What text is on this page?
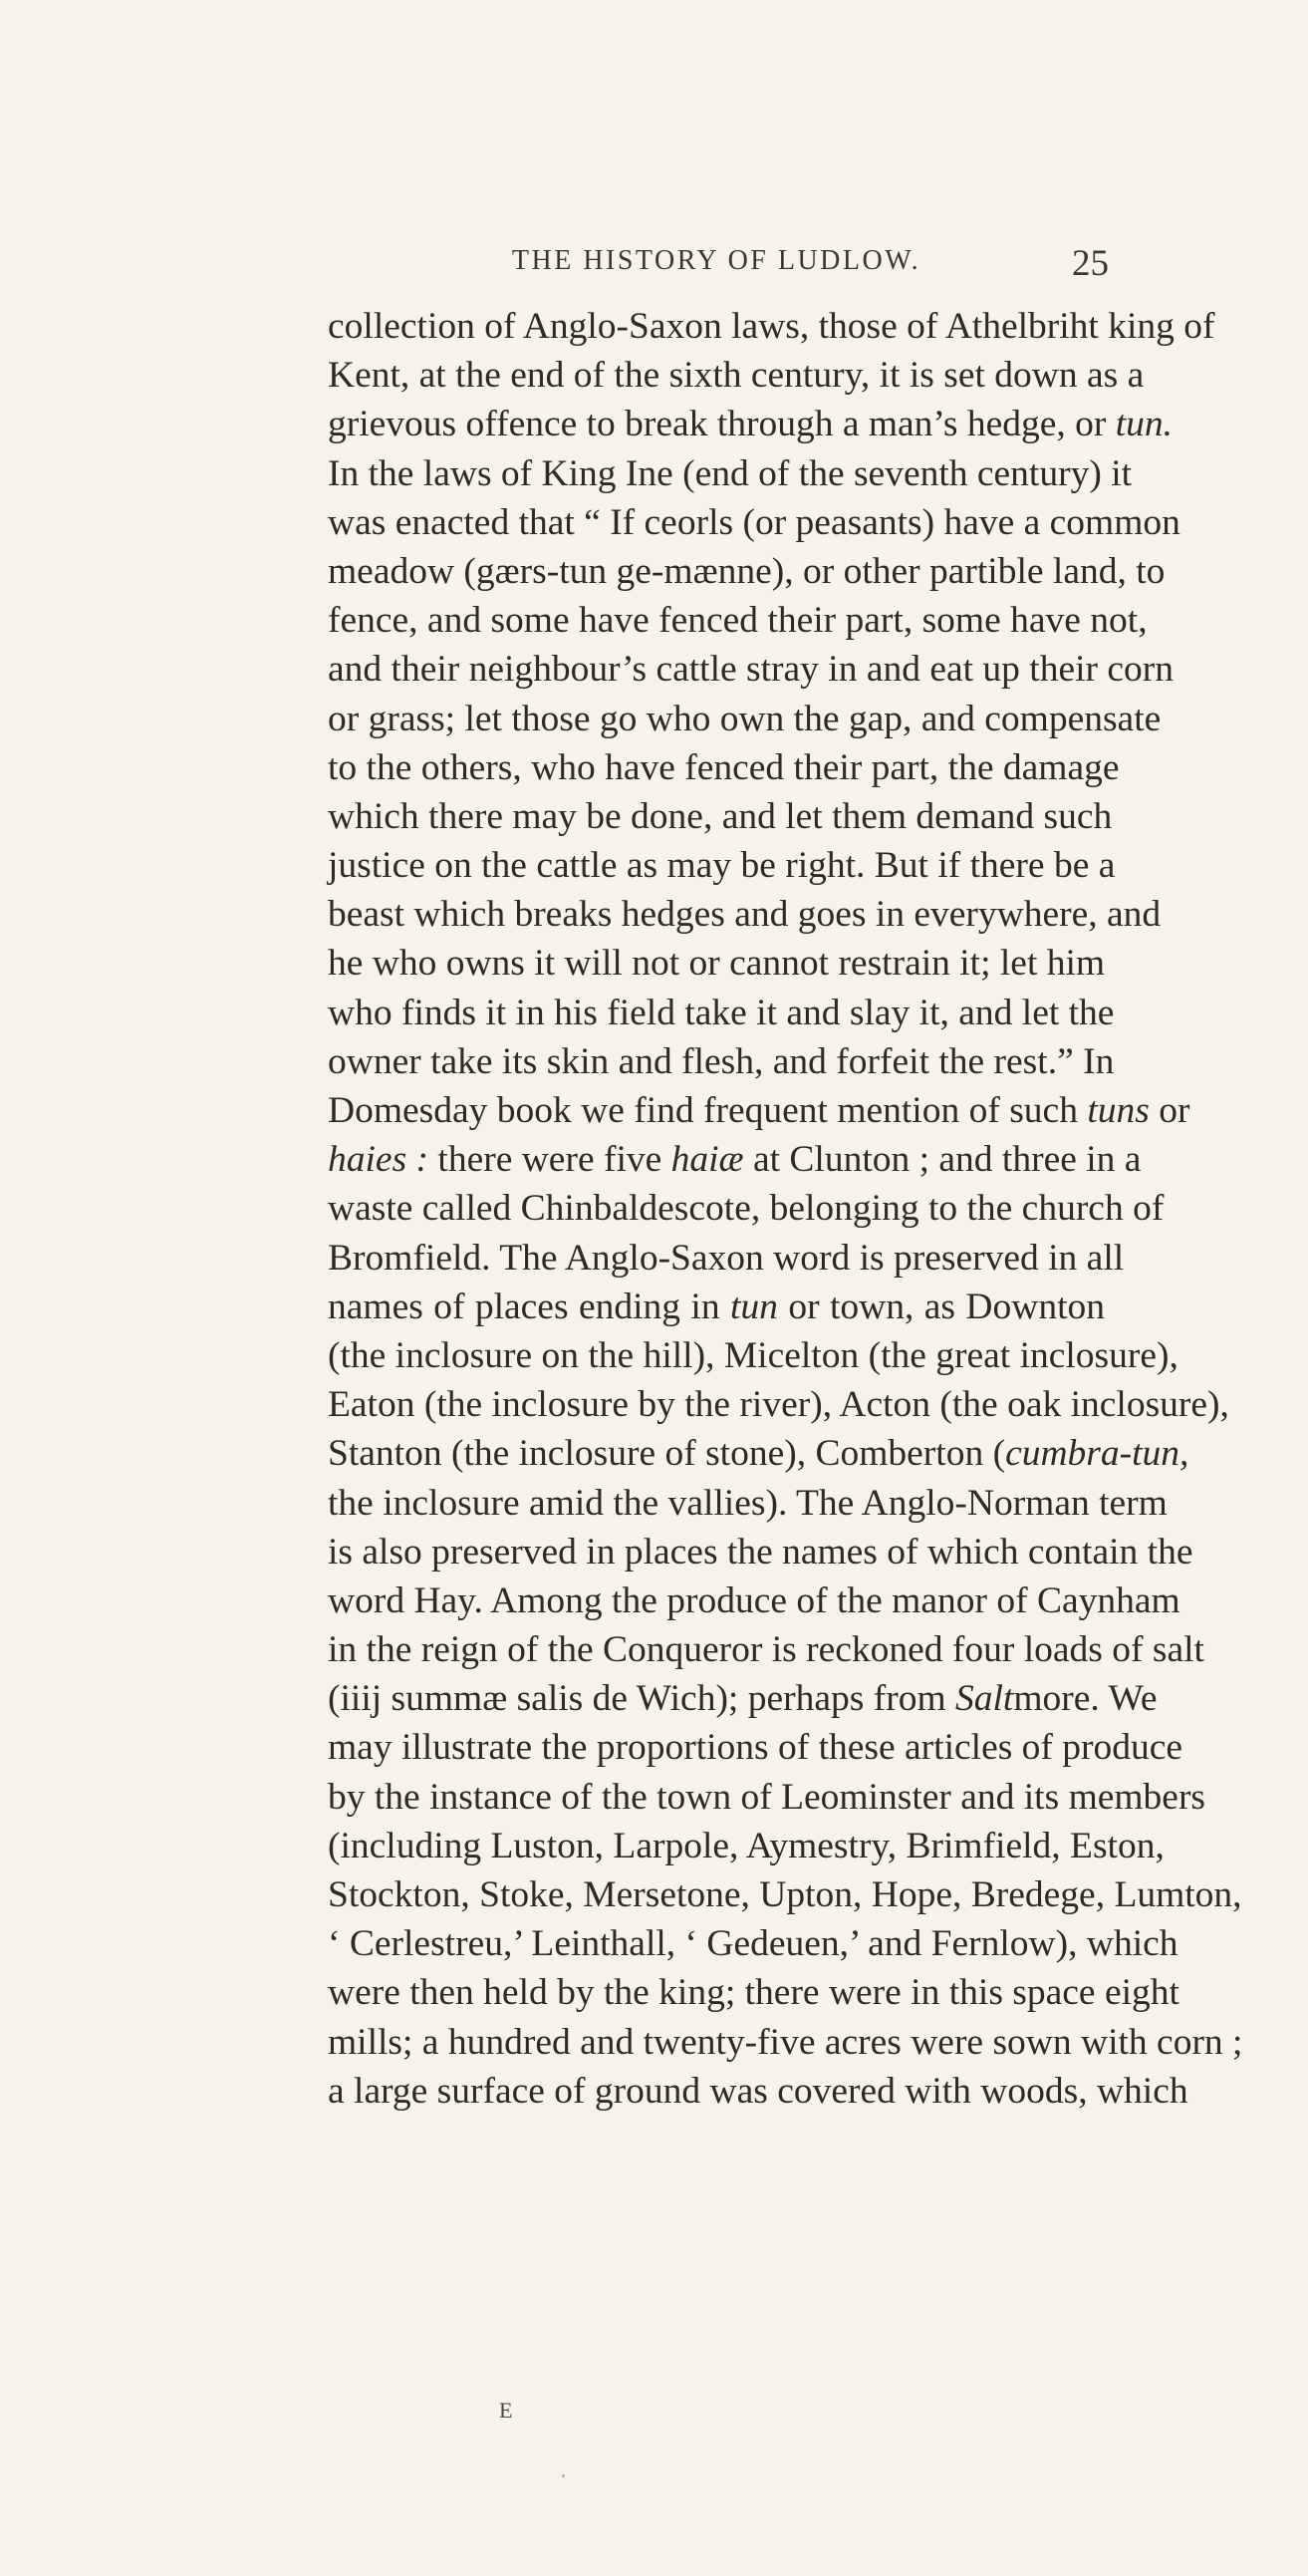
THE HISTORY OF LUDLOW.	25
collection of Anglo-Saxon laws, those of Athelbriht king of
Kent, at the end of the sixth century, it is set down as a
grievous offence to break through a man’s hedge, or tun.
In the laws of King Ine (end of the seventh century) it
was enacted that “ If ceorls (or peasants) have a common
meadow (gærs-tun ge-mænne), or other partible land, to
fence, and some have fenced their part, some have not,
and their neighbour’s cattle stray in and eat up their corn
or grass; let those go who own the gap, and compensate
to the others, who have fenced their part, the damage
which there may be done, and let them demand such
justice on the cattle as may be right. But if there be a
beast which breaks hedges and goes in everywhere, and
he who owns it will not or cannot restrain it; let him
who finds it in his field take it and slay it, and let the
owner take its skin and flesh, and forfeit the rest.” In
Domesday book we find frequent mention of such tuns or
haies : there were five haiæ at Clunton ; and three in a
waste called Chinbaldescote, belonging to the church of
Bromfield. The Anglo-Saxon word is preserved in all
names of places ending in tun or town, as Downton
(the inclosure on the hill), Micelton (the great inclosure),
Eaton (the inclosure by the river), Acton (the oak inclosure),
Stanton (the inclosure of stone), Comberton (cumbra-tun,
the inclosure amid the vallies). The Anglo-Norman term
is also preserved in places the names of which contain the
word Hay. Among the produce of the manor of Caynham
in the reign of the Conqueror is reckoned four loads of salt
(iiij summæ salis de Wich); perhaps from Saltmore. We
may illustrate the proportions of these articles of produce
by the instance of the town of Leominster and its members
(including Luston, Larpole, Aymestry, Brimfield, Eston,
Stockton, Stoke, Mersetone, Upton, Hope, Bredege, Lumton,
‘ Cerlestreu,’ Leinthall, ‘ Gedeuen,’ and Fernlow), which
were then held by the king; there were in this space eight
mills; a hundred and twenty-five acres were sown with corn ;
a large surface of ground was covered with woods, which
E
